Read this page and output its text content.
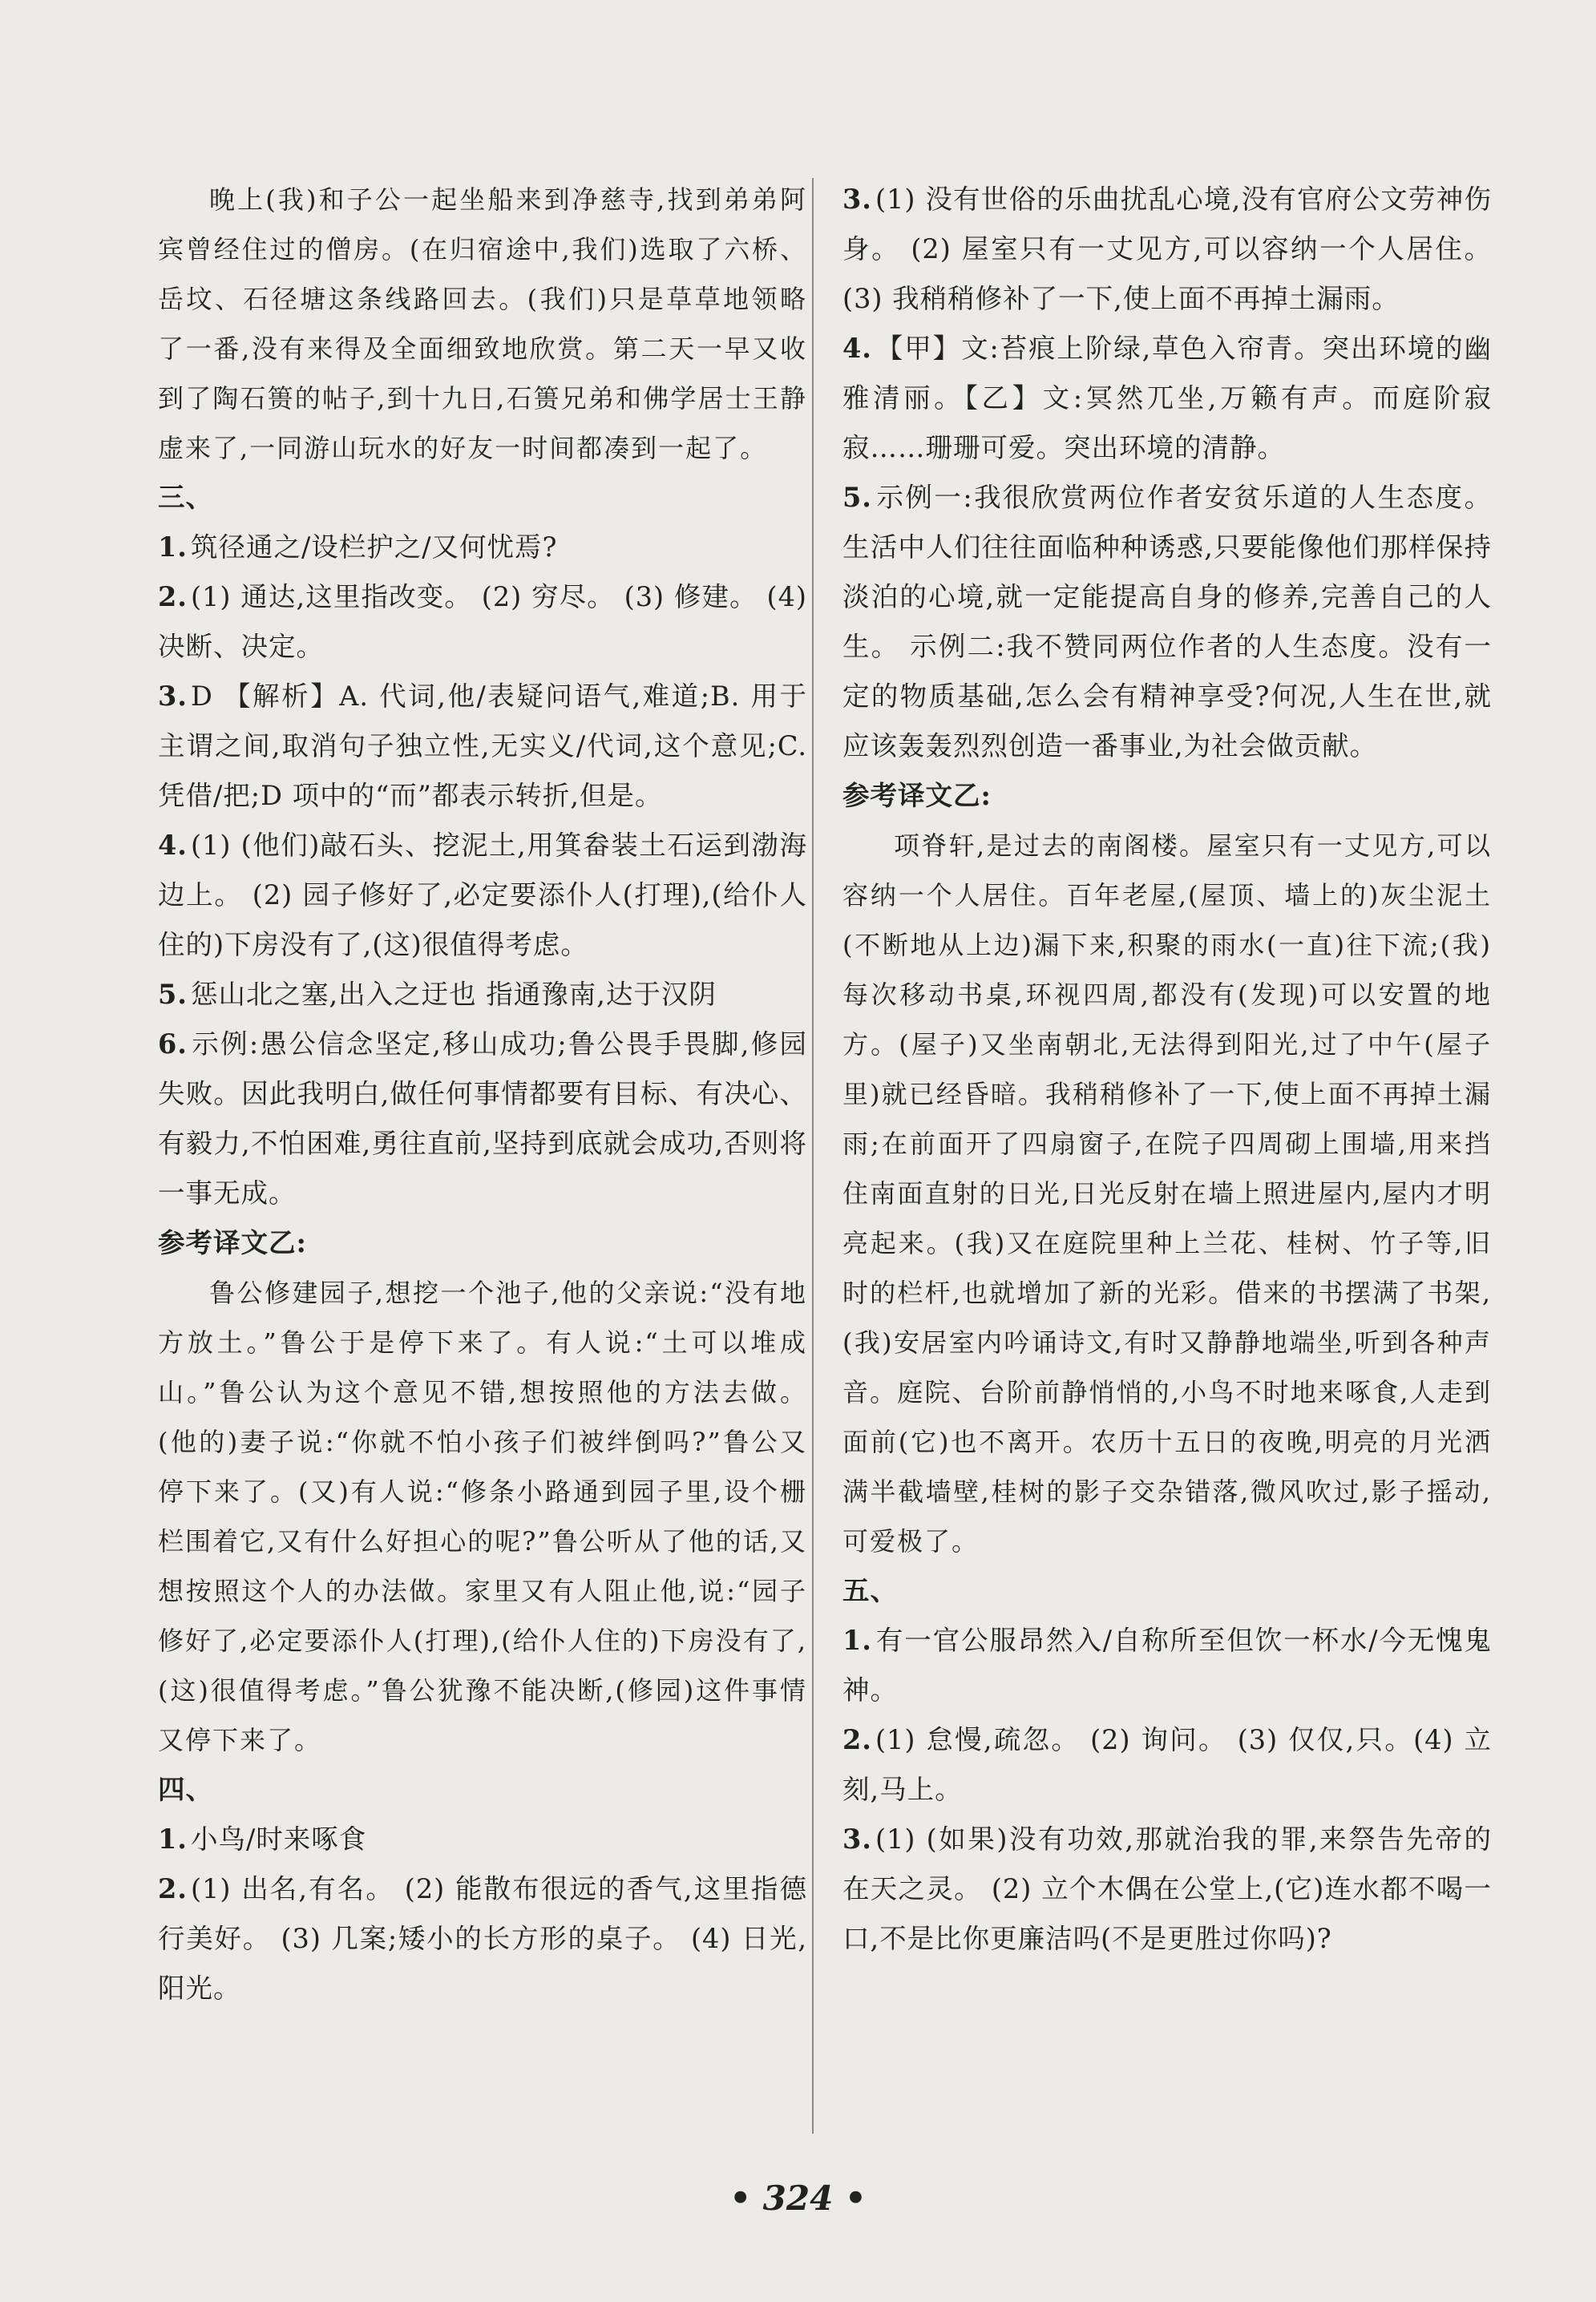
晚上(我)和子公一起坐船来到净慈寺,找到弟弟阿宾曾经住过的僧房。(在归宿途中,我们)选取了六桥、岳坟、石径塘这条线路回去。(我们)只是草草地领略了一番,没有来得及全面细致地欣赏。第二天一早又收到了陶石篑的帖子,到十九日,石篑兄弟和佛学居士王静虚来了,一同游山玩水的好友一时间都凑到一起了。

三、

1. 筑径通之/设栏护之/又何忧焉?

2. (1) 通达,这里指改变。 (2) 穷尽。 (3) 修建。 (4) 决断、决定。

3. D 【解析】A. 代词,他/表疑问语气,难道;B. 用于主谓之间,取消句子独立性,无实义/代词,这个意见;C. 凭借/把;D 项中的“而”都表示转折,但是。

4. (1) (他们)敲石头、挖泥土,用箕畚装土石运到渤海边上。 (2) 园子修好了,必定要添仆人(打理),(给仆人住的)下房没有了,(这)很值得考虑。

5. 惩山北之塞,出入之迂也 指通豫南,达于汉阴

6. 示例:愚公信念坚定,移山成功;鲁公畏手畏脚,修园失败。因此我明白,做任何事情都要有目标、有决心、有毅力,不怕困难,勇往直前,坚持到底就会成功,否则将一事无成。

参考译文乙:

鲁公修建园子,想挖一个池子,他的父亲说:“没有地方放土。”鲁公于是停下来了。有人说:“土可以堆成山。”鲁公认为这个意见不错,想按照他的方法去做。(他的)妻子说:“你就不怕小孩子们被绊倒吗?”鲁公又停下来了。(又)有人说:“修条小路通到园子里,设个栅栏围着它,又有什么好担心的呢?”鲁公听从了他的话,又想按照这个人的办法做。家里又有人阻止他,说:“园子修好了,必定要添仆人(打理),(给仆人住的)下房没有了,(这)很值得考虑。”鲁公犹豫不能决断,(修园)这件事情又停下来了。

四、

1. 小鸟/时来啄食

2. (1) 出名,有名。 (2) 能散布很远的香气,这里指德行美好。 (3) 几案;矮小的长方形的桌子。 (4) 日光,阳光。

3. (1) 没有世俗的乐曲扰乱心境,没有官府公文劳神伤身。 (2) 屋室只有一丈见方,可以容纳一个人居住。 (3) 我稍稍修补了一下,使上面不再掉土漏雨。

4. 【甲】文:苔痕上阶绿,草色入帘青。突出环境的幽雅清丽。【乙】文:冥然兀坐,万籁有声。而庭阶寂寂……珊珊可爱。突出环境的清静。

5. 示例一:我很欣赏两位作者安贫乐道的人生态度。生活中人们往往面临种种诱惑,只要能像他们那样保持淡泊的心境,就一定能提高自身的修养,完善自己的人生。 示例二:我不赞同两位作者的人生态度。没有一定的物质基础,怎么会有精神享受?何况,人生在世,就应该轰轰烈烈创造一番事业,为社会做贡献。

参考译文乙:

项脊轩,是过去的南阁楼。屋室只有一丈见方,可以容纳一个人居住。百年老屋,(屋顶、墙上的)灰尘泥土(不断地从上边)漏下来,积聚的雨水(一直)往下流;(我)每次移动书桌,环视四周,都没有(发现)可以安置的地方。(屋子)又坐南朝北,无法得到阳光,过了中午(屋子里)就已经昏暗。我稍稍修补了一下,使上面不再掉土漏雨;在前面开了四扇窗子,在院子四周砌上围墙,用来挡住南面直射的日光,日光反射在墙上照进屋内,屋内才明亮起来。(我)又在庭院里种上兰花、桂树、竹子等,旧时的栏杆,也就增加了新的光彩。借来的书摆满了书架,(我)安居室内吟诵诗文,有时又静静地端坐,听到各种声音。庭院、台阶前静悄悄的,小鸟不时地来啄食,人走到面前(它)也不离开。农历十五日的夜晚,明亮的月光洒满半截墙壁,桂树的影子交杂错落,微风吹过,影子摇动,可爱极了。

五、

1. 有一官公服昂然入/自称所至但饮一杯水/今无愧鬼神。

2. (1) 怠慢,疏忽。 (2) 询问。 (3) 仅仅,只。(4) 立刻,马上。

3. (1) (如果)没有功效,那就治我的罪,来祭告先帝的在天之灵。 (2) 立个木偶在公堂上,(它)连水都不喝一口,不是比你更廉洁吗(不是更胜过你吗)?

• 324 •
